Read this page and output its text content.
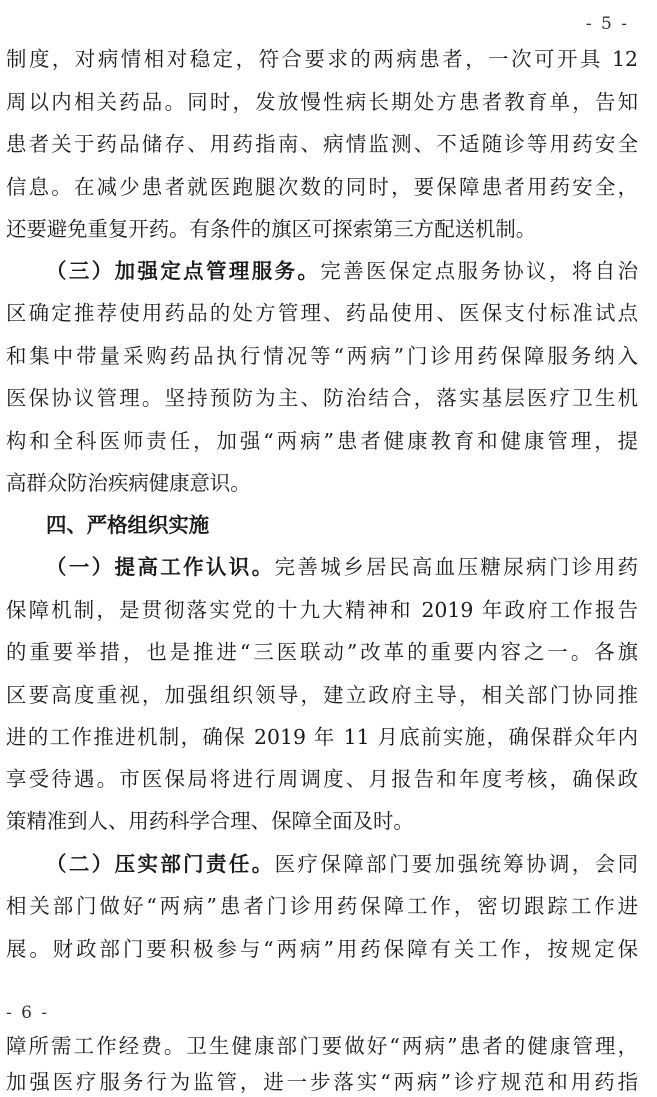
- 5 -
制度，对病情相对稳定，符合要求的两病患者，一次可开具 12
周以内相关药品。同时，发放慢性病长期处方患者教育单，告知
患者关于药品储存、用药指南、病情监测、不适随诊等用药安全
信息。在减少患者就医跑腿次数的同时，要保障患者用药安全，
还要避免重复开药。有条件的旗区可探索第三方配送机制。
（三）加强定点管理服务。完善医保定点服务协议，将自治
区确定推荐使用药品的处方管理、药品使用、医保支付标准试点
和集中带量采购药品执行情况等“两病”门诊用药保障服务纳入
医保协议管理。坚持预防为主、防治结合，落实基层医疗卫生机
构和全科医师责任，加强“两病”患者健康教育和健康管理，提
高群众防治疾病健康意识。
四、严格组织实施
（一）提高工作认识。完善城乡居民高血压糖尿病门诊用药
保障机制，是贯彻落实党的十九大精神和 2019 年政府工作报告
的重要举措，也是推进“三医联动”改革的重要内容之一。各旗
区要高度重视，加强组织领导，建立政府主导，相关部门协同推
进的工作推进机制，确保 2019 年 11 月底前实施，确保群众年内
享受待遇。市医保局将进行周调度、月报告和年度考核，确保政
策精准到人、用药科学合理、保障全面及时。
（二）压实部门责任。医疗保障部门要加强统筹协调，会同
相关部门做好“两病”患者门诊用药保障工作，密切跟踪工作进
展。财政部门要积极参与“两病”用药保障有关工作，按规定保
- 6 -
障所需工作经费。卫生健康部门要做好“两病”患者的健康管理，
加强医疗服务行为监管，进一步落实“两病”诊疗规范和用药指
